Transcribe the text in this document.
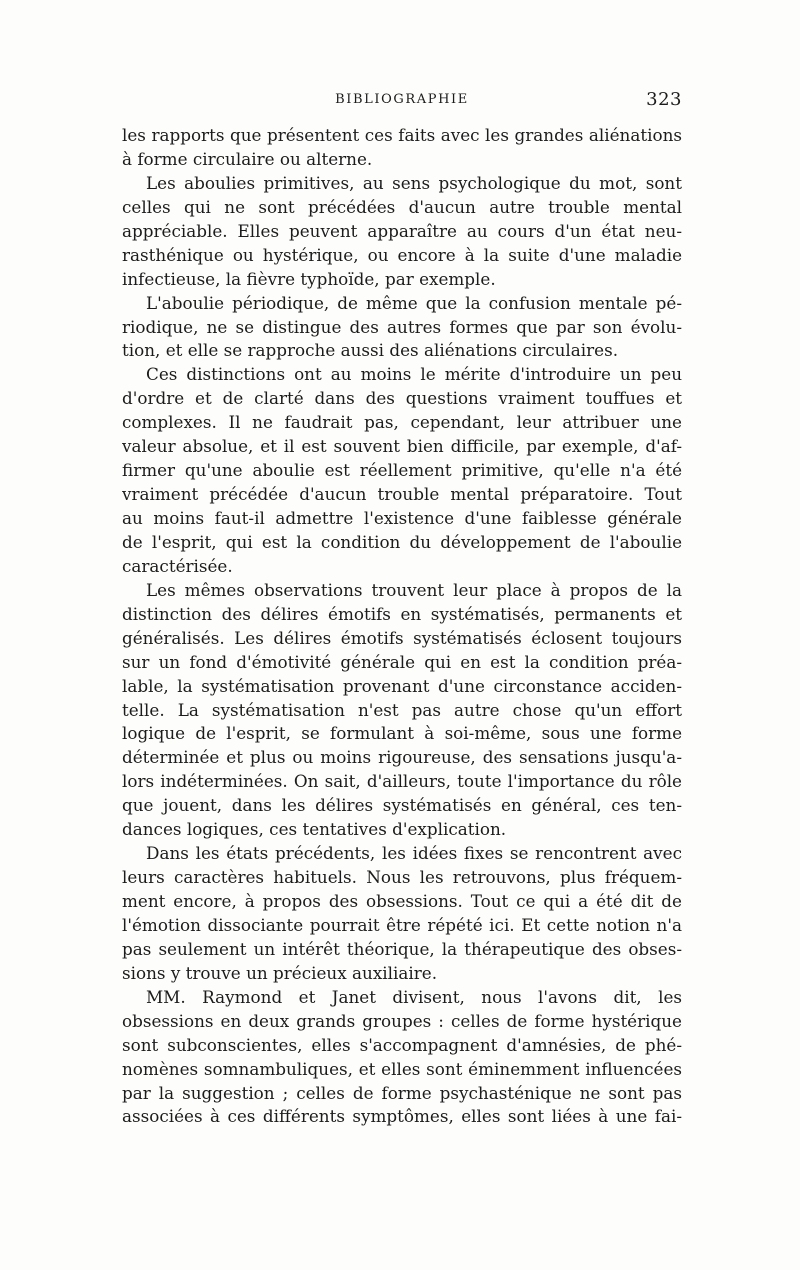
BIBLIOGRAPHIE	323
les rapports que présentent ces faits avec les grandes aliénations
à forme circulaire ou alterne.
Les aboulies primitives, au sens psychologique du mot, sont
celles qui ne sont précédées d'aucun autre trouble mental
appréciable. Elles peuvent apparaître au cours d'un état neu-
rasthénique ou hystérique, ou encore à la suite d'une maladie
infectieuse, la fièvre typhoïde, par exemple.
L'aboulie périodique, de même que la confusion mentale pé-
riodique, ne se distingue des autres formes que par son évolu-
tion, et elle se rapproche aussi des aliénations circulaires.
Ces distinctions ont au moins le mérite d'introduire un peu
d'ordre et de clarté dans des questions vraiment touffues et
complexes. Il ne faudrait pas, cependant, leur attribuer une
valeur absolue, et il est souvent bien difficile, par exemple, d'af-
firmer qu'une aboulie est réellement primitive, qu'elle n'a été
vraiment précédée d'aucun trouble mental préparatoire. Tout
au moins faut-il admettre l'existence d'une faiblesse générale
de l'esprit, qui est la condition du développement de l'aboulie
caractérisée.
Les mêmes observations trouvent leur place à propos de la
distinction des délires émotifs en systématisés, permanents et
généralisés. Les délires émotifs systématisés éclosent toujours
sur un fond d'émotivité générale qui en est la condition préa-
lable, la systématisation provenant d'une circonstance acciden-
telle. La systématisation n'est pas autre chose qu'un effort
logique de l'esprit, se formulant à soi-même, sous une forme
déterminée et plus ou moins rigoureuse, des sensations jusqu'a-
lors indéterminées. On sait, d'ailleurs, toute l'importance du rôle
que jouent, dans les délires systématisés en général, ces ten-
dances logiques, ces tentatives d'explication.
Dans les états précédents, les idées fixes se rencontrent avec
leurs caractères habituels. Nous les retrouvons, plus fréquem-
ment encore, à propos des obsessions. Tout ce qui a été dit de
l'émotion dissociante pourrait être répété ici. Et cette notion n'a
pas seulement un intérêt théorique, la thérapeutique des obses-
sions y trouve un précieux auxiliaire.
MM. Raymond et Janet divisent, nous l'avons dit, les
obsessions en deux grands groupes : celles de forme hystérique
sont subconscientes, elles s'accompagnent d'amnésies, de phé-
nomènes somnambuliques, et elles sont éminemment influencées
par la suggestion ; celles de forme psychasténique ne sont pas
associées à ces différents symptômes, elles sont liées à une fai-
